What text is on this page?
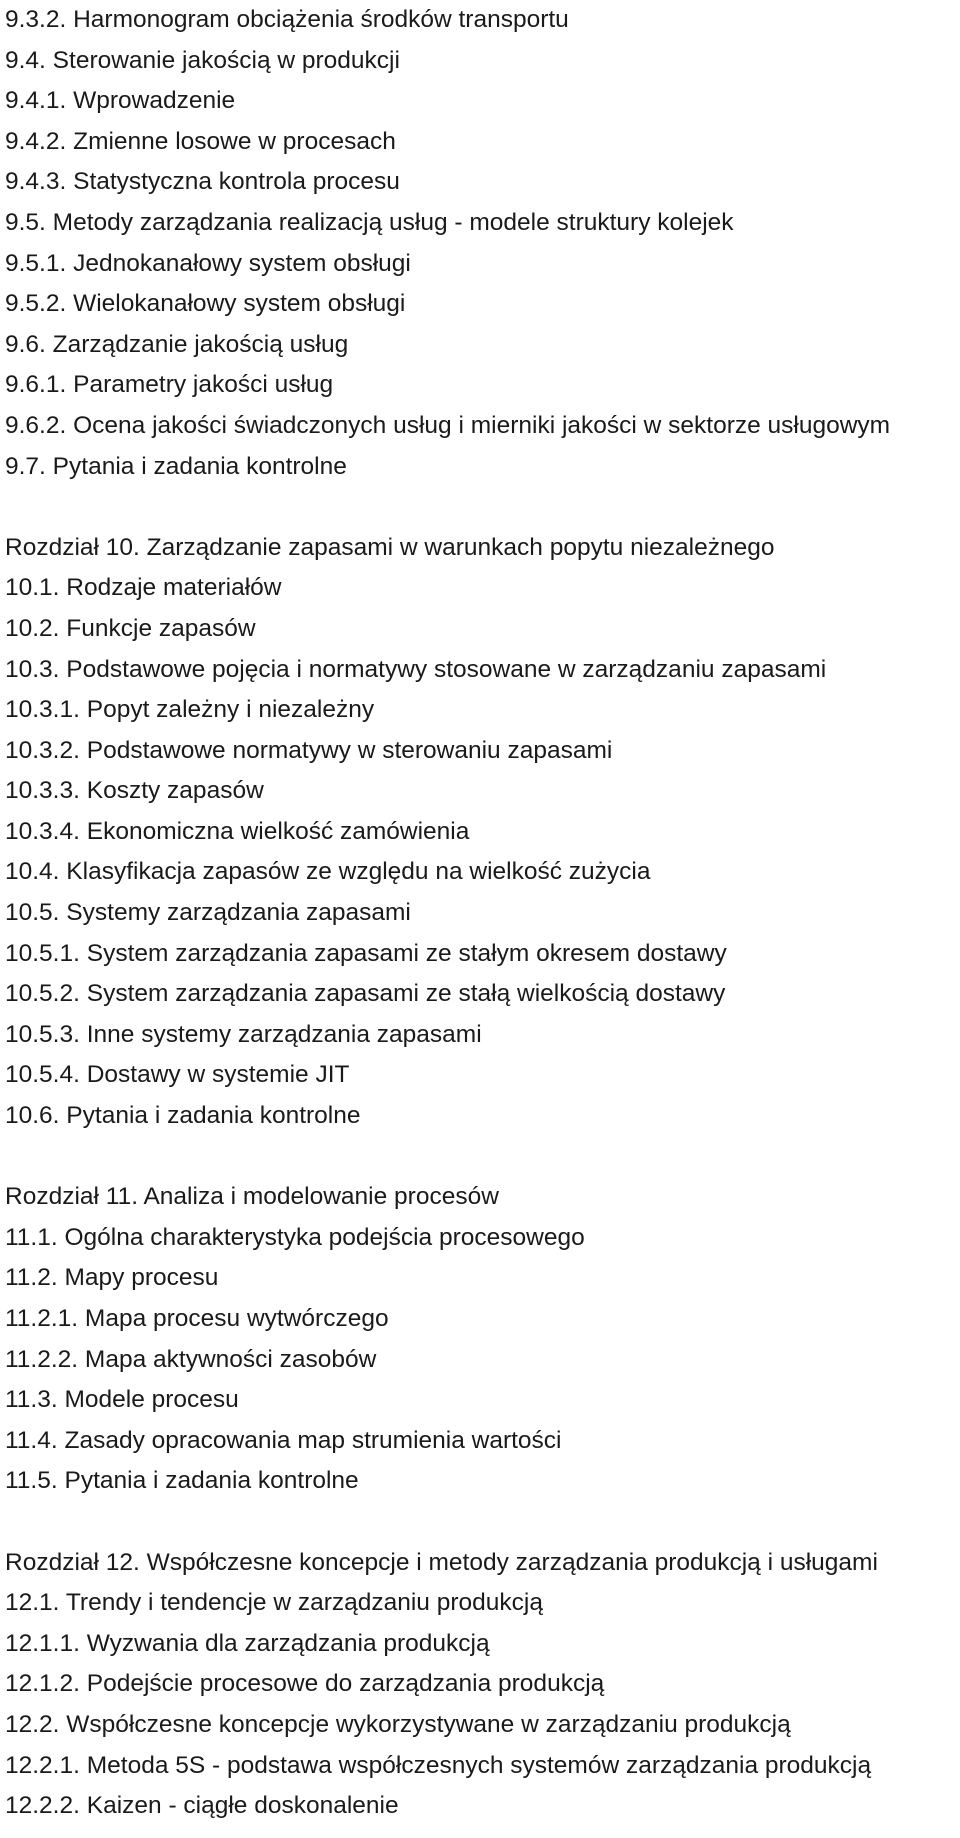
9.3.2. Harmonogram obciążenia środków transportu

9.4. Sterowanie jakością w produkcji

9.4.1. Wprowadzenie

9.4.2. Zmienne losowe w procesach

9.4.3. Statystyczna kontrola procesu

9.5. Metody zarządzania realizacją usług - modele struktury kolejek

9.5.1. Jednokanałowy system obsługi

9.5.2. Wielokanałowy system obsługi

9.6. Zarządzanie jakością usług

9.6.1. Parametry jakości usług

9.6.2. Ocena jakości świadczonych usług i mierniki jakości w sektorze usługowym

9.7. Pytania i zadania kontrolne

Rozdział 10. Zarządzanie zapasami w warunkach popytu niezależnego

10.1. Rodzaje materiałów

10.2. Funkcje zapasów

10.3. Podstawowe pojęcia i normatywy stosowane w zarządzaniu zapasami

10.3.1. Popyt zależny i niezależny

10.3.2. Podstawowe normatywy w sterowaniu zapasami

10.3.3. Koszty zapasów

10.3.4. Ekonomiczna wielkość zamówienia

10.4. Klasyfikacja zapasów ze względu na wielkość zużycia

10.5. Systemy zarządzania zapasami

10.5.1. System zarządzania zapasami ze stałym okresem dostawy

10.5.2. System zarządzania zapasami ze stałą wielkością dostawy

10.5.3. Inne systemy zarządzania zapasami

10.5.4. Dostawy w systemie JIT

10.6. Pytania i zadania kontrolne

Rozdział 11. Analiza i modelowanie procesów

11.1. Ogólna charakterystyka podejścia procesowego

11.2. Mapy procesu

11.2.1. Mapa procesu wytwórczego

11.2.2. Mapa aktywności zasobów

11.3. Modele procesu

11.4. Zasady opracowania map strumienia wartości

11.5. Pytania i zadania kontrolne

Rozdział 12. Współczesne koncepcje i metody zarządzania produkcją i usługami

12.1. Trendy i tendencje w zarządzaniu produkcją

12.1.1. Wyzwania dla zarządzania produkcją

12.1.2. Podejście procesowe do zarządzania produkcją

12.2. Współczesne koncepcje wykorzystywane w zarządzaniu produkcją

12.2.1. Metoda 5S - podstawa współczesnych systemów zarządzania produkcją

12.2.2. Kaizen - ciągłe doskonalenie
